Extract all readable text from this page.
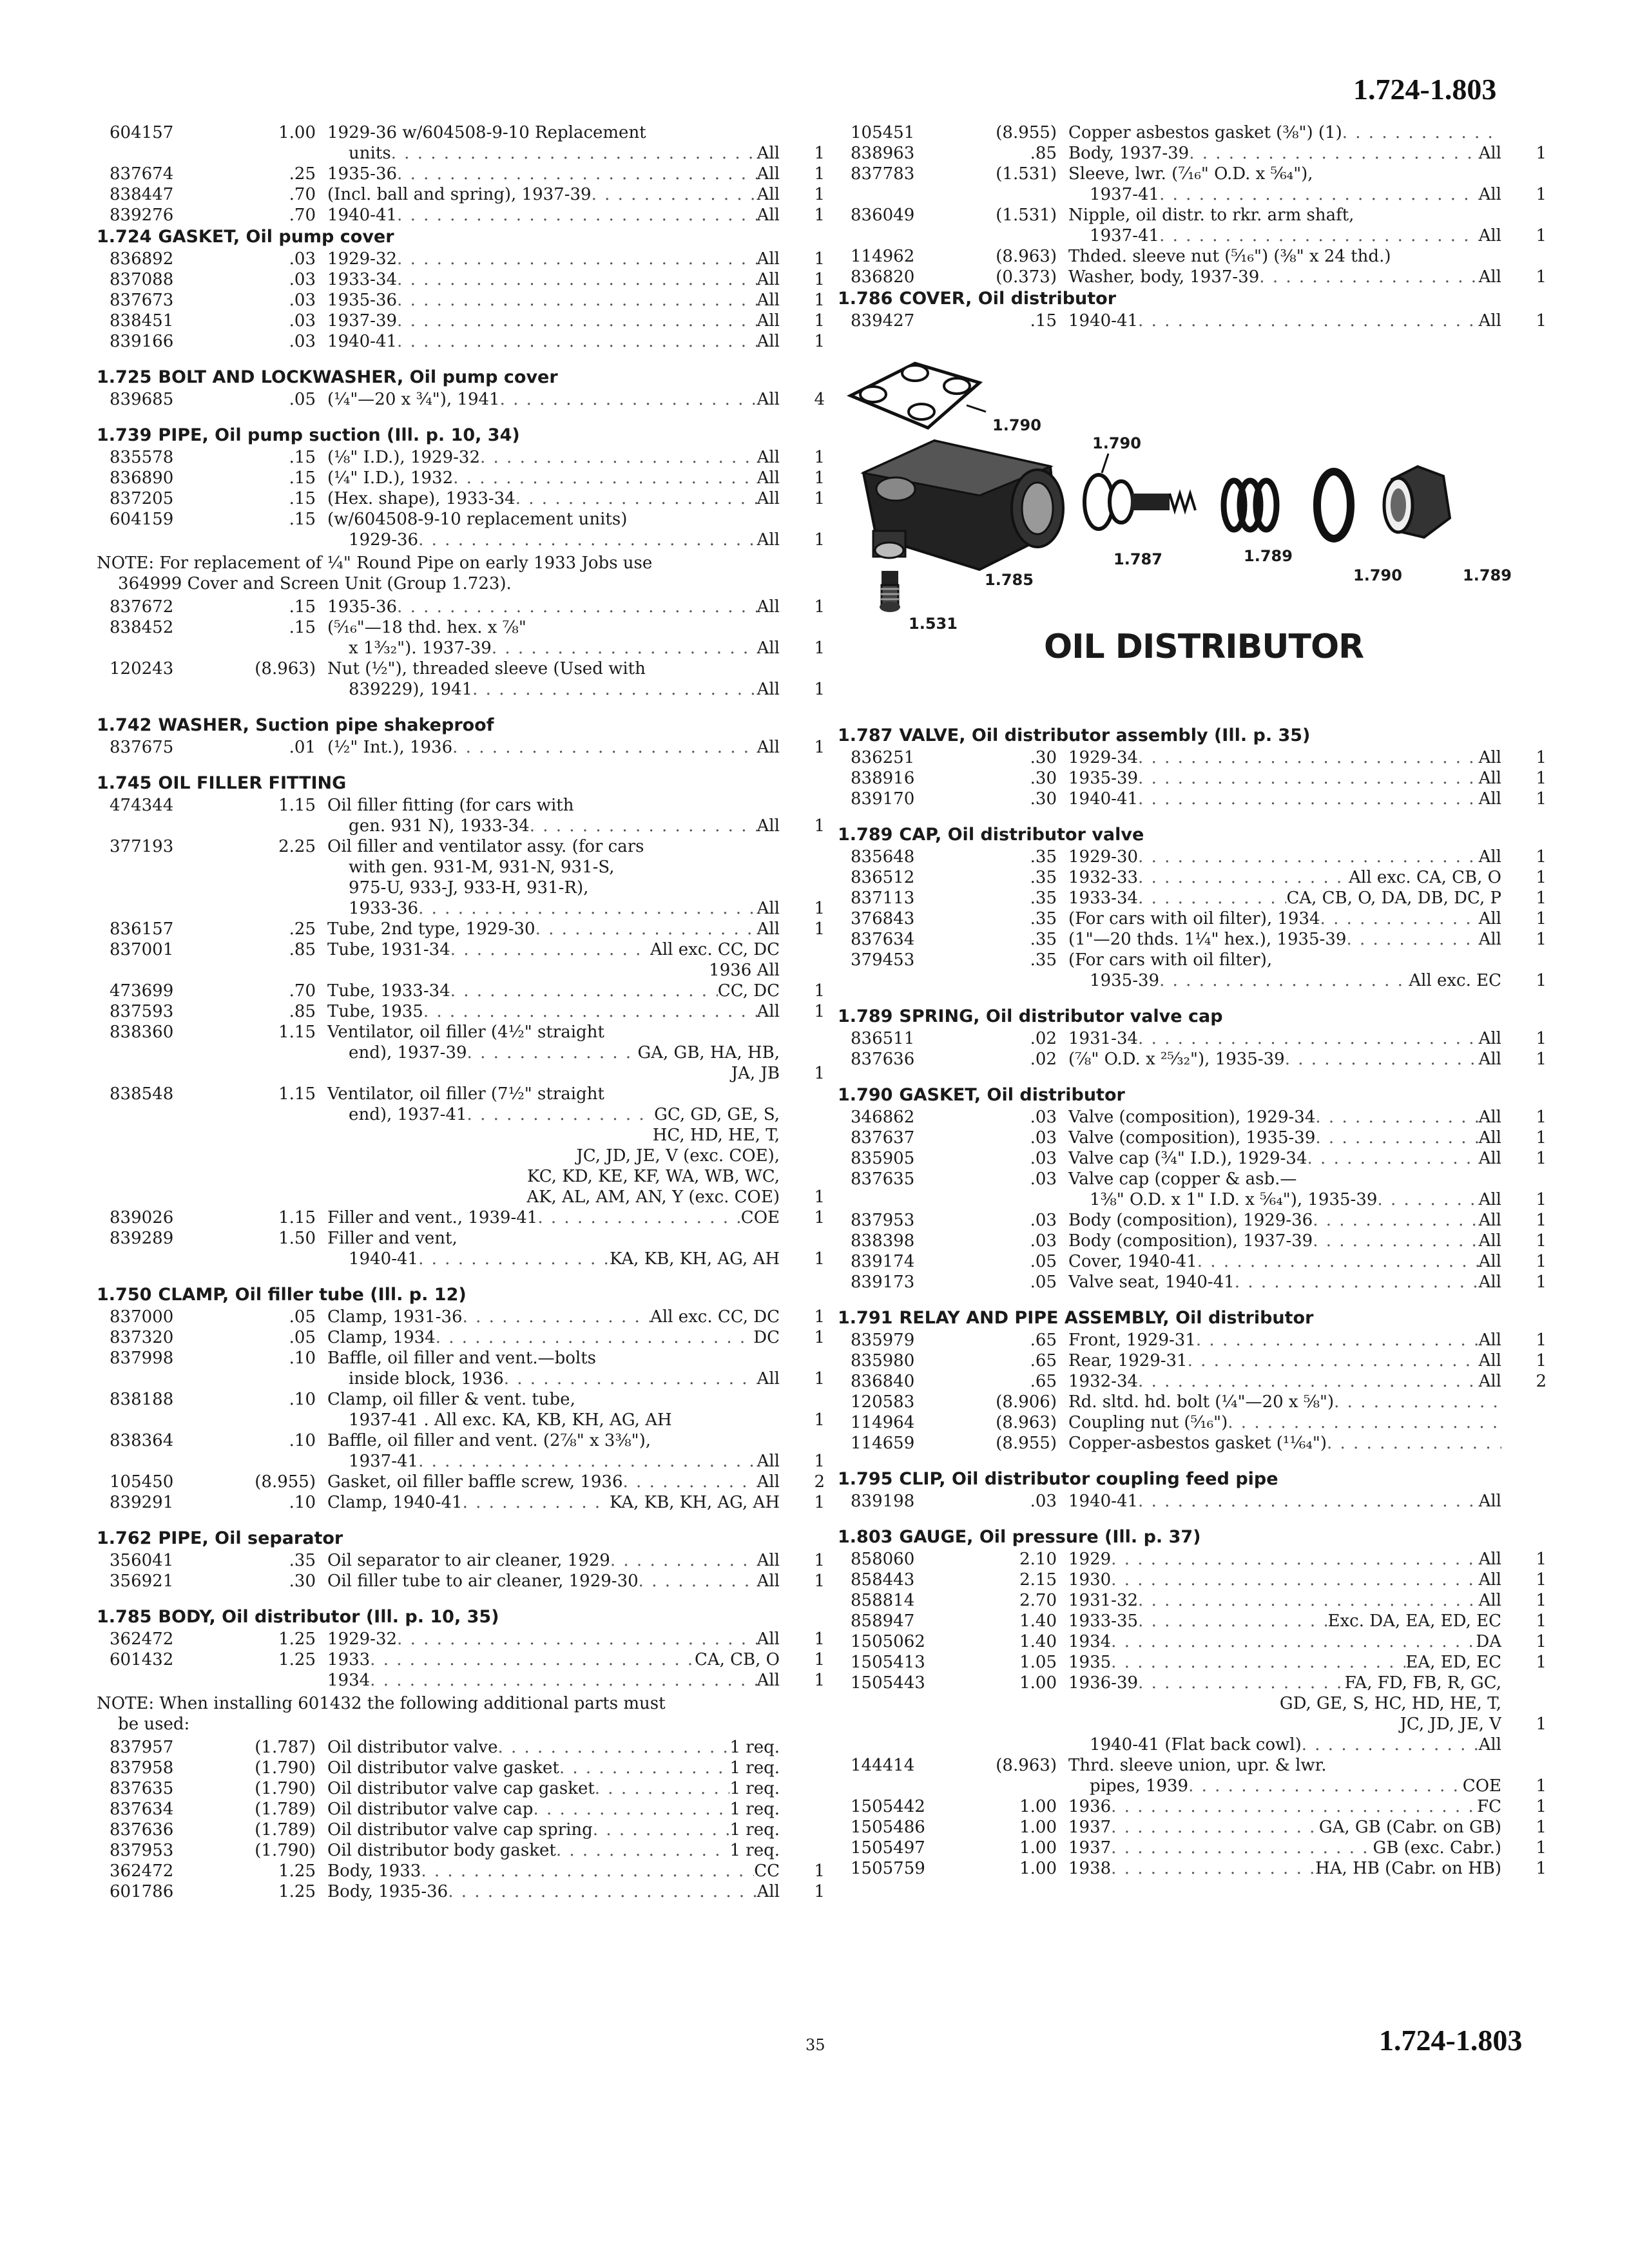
1.724-1.803
604157	1.00	1929-36 w/604508-9-10 Replacement	

		units . . . All	1
837674	.25	1935-36 . . . All	1
838447	.70	(Incl. ball and spring), 1937-39 . . . All	1
839276	.70	1940-41 . . . All	1
1.724 GASKET, Oil pump cover
836892	.03	1929-32 . . . All	1
837088	.03	1933-34 . . . All	1
837673	.03	1935-36 . . . All	1
838451	.03	1937-39 . . . All	1
839166	.03	1940-41 . . . All	1
1.725 BOLT AND LOCKWASHER, Oil pump cover
839685	.05	(¼"—20 x ¾"), 1941 . . .	All	4
1.739 PIPE, Oil pump suction (Ill. p. 10, 34)
835578	.15	(⅛" I.D.), 1929-32 . . . All	1
836890	.15	(¼" I.D.), 1932 . . . All	1
837205	.15	(Hex. shape), 1933-34 . . . All	1
604159	.15	(w/604508-9-10 replacement units)	

		1929-36 . . . All	1
NOTE: For replacement of ¼" Round Pipe on early 1933 Jobs use
364999 Cover and Screen Unit (Group 1.723).
837672	.15	1935-36 . . . All	1
838452	.15	(⁵⁄₁₆"—18 thd. hex. x ⅞"	

		x 1³⁄₃₂"). 1937-39 . . . All	1
120243	(8.963)	Nut (½"), threaded sleeve (Used with	

		839229), 1941 . . . All	1
1.742 WASHER, Suction pipe shakeproof
837675	.01	(½" Int.), 1936 . . .	All	1
1.745 OIL FILLER FITTING
474344	1.15	Oil filler fitting (for cars with	

		gen. 931 N), 1933-34 . . . All	1
377193	2.25	Oil filler and ventilator assy. (for cars	

		with gen. 931-M, 931-N, 931-S,	

		975-U, 933-J, 933-H, 931-R),	

		1933-36 . . . All	1
836157	.25	Tube, 2nd type, 1929-30 . . . All	1
837001	.85	Tube, 1931-34 . . . All exc. CC, DC

		1936 All	

473699	.70	Tube, 1933-34 . . . CC, DC	1
837593	.85	Tube, 1935 . . . All	1
838360	1.15	Ventilator, oil filler (4½" straight	

		end), 1937-39 . . . GA, GB, HA, HB,

		JA, JB	1
838548	1.15	Ventilator, oil filler (7½" straight	

		end), 1937-41 . . . GC, GD, GE, S,

		HC, HD, HE, T,	

		JC, JD, JE, V (exc. COE),	

		KC, KD, KE, KF, WA, WB, WC,	

		AK, AL, AM, AN, Y (exc. COE)	1
839026	1.15	Filler and vent., 1939-41 . . . COE	1
839289	1.50	Filler and vent,	

		1940-41 . . . KA, KB, KH, AG, AH	1
1.750 CLAMP, Oil filler tube (Ill. p. 12)
837000	.05	Clamp, 1931-36 . . . All exc. CC, DC	1
837320	.05	Clamp, 1934 . . . DC	1
837998	.10	Baffle, oil filler and vent.—bolts	

		inside block, 1936 . . . All	1
838188	.10	Clamp, oil filler & vent. tube,	

		1937-41 . All exc. KA, KB, KH, AG, AH	1
838364	.10	Baffle, oil filler and vent. (2⅞" x 3⅜"),	

		1937-41 . . . All	1
105450	(8.955)	Gasket, oil filler baffle screw, 1936 . . . All	2
839291	.10	Clamp, 1940-41 . . . KA, KB, KH, AG, AH	1
1.762 PIPE, Oil separator
356041	.35	Oil separator to air cleaner, 1929 . . . All	1
356921	.30	Oil filler tube to air cleaner, 1929-30 . . . All	1
1.785 BODY, Oil distributor (Ill. p. 10, 35)
362472	1.25	1929-32 . . . All	1
601432	1.25	1933 . . . CA, CB, O	1

		1934 . . . All	1
NOTE: When installing 601432 the following additional parts must
be used:
837957	(1.787)	Oil distributor valve . . . 1 req.

837958	(1.790)	Oil distributor valve gasket . . . 1 req.

837635	(1.790)	Oil distributor valve cap gasket . . . 1 req.

837634	(1.789)	Oil distributor valve cap . . . 1 req.

837636	(1.789)	Oil distributor valve cap spring . . . 1 req.

837953	(1.790)	Oil distributor body gasket . . . 1 req.

362472	1.25	Body, 1933 . . . CC	1
601786	1.25	Body, 1935-36 . . . All	1
105451	(8.955)	Copper asbestos gasket (⅜") (1)
. . .

838963	.85	Body, 1937-39 . . . All	1
837783	(1.531)	Sleeve, lwr. (⁷⁄₁₆" O.D. x ⁵⁄₆₄"),	

		1937-41 . . . All	1
836049	(1.531)	Nipple, oil distr. to rkr. arm shaft,	

		1937-41 . . . All	1
114962	(8.963)	Thded. sleeve nut (⁵⁄₁₆") (⅜" x 24 thd.)	

836820	(0.373)	Washer, body, 1937-39 . . . All	1
1.786 COVER, Oil distributor
839427	.15	1940-41 . . .	All	1
1.790
1.790
1.785
1.787	1.789
1.790	1.789
1.531
OIL DISTRIBUTOR
1.787 VALVE, Oil distributor assembly (Ill. p. 35)
836251	.30	1929-34 . . . All	1
838916	.30	1935-39 . . . All	1
839170	.30	1940-41 . . . All	1
1.789 CAP, Oil distributor valve
835648	.35	1929-30 . . . All	1
836512	.35	1932-33 . . . All exc. CA, CB, O	1
837113	.35	1933-34 . . . CA, CB, O, DA, DB, DC, P	1
376843	.35	(For cars with oil filter), 1934 . . . All	1
837634	.35	(1"—20 thds. 1¼" hex.), 1935-39 . . . All	1
379453	.35	(For cars with oil filter),	

		1935-39 . . . All exc. EC	1
1.789 SPRING, Oil distributor valve cap
836511	.02	1931-34 . . . All	1
837636	.02	(⅞" O.D. x ²⁵⁄₃₂"), 1935-39 . . . All	1
1.790 GASKET, Oil distributor
346862	.03	Valve (composition), 1929-34 . . . All	1
837637	.03	Valve (composition), 1935-39 . . . All	1
835905	.03	Valve cap (¾" I.D.), 1929-34 . . . All	1
837635	.03	Valve cap (copper & asb.—	

		1⅜" O.D. x 1" I.D. x ⁵⁄₆₄"), 1935-39 . . . All	1
837953	.03	Body (composition), 1929-36 . . . All	1
838398	.03	Body (composition), 1937-39 . . . All	1
839174	.05	Cover, 1940-41 . . . All	1
839173	.05	Valve seat, 1940-41 . . . All	1
1.791 RELAY AND PIPE ASSEMBLY, Oil distributor
835979	.65	Front, 1929-31 . . . All	1
835980	.65	Rear, 1929-31 . . . All	1
836840	.65	1932-34 . . . All	2
120583	(8.906)	Rd. sltd. hd. bolt (¼"—20 x ⅝")
. . .

114964	(8.963)	Coupling nut (⁵⁄₁₆")
. . .

114659	(8.955)	Copper-asbestos gasket (¹¹⁄₆₄")
. . .

1.795 CLIP, Oil distributor coupling feed pipe
839198	.03	1940-41 . . .	All

1.803 GAUGE, Oil pressure (Ill. p. 37)
858060	2.10	1929 . . . All	1
858443	2.15	1930 . . . All	1
858814	2.70	1931-32 . . . All	1
858947	1.40	1933-35 . . . Exc. DA, EA, ED, EC	1
1505062	1.40	1934 . . . DA	1
1505413	1.05	1935 . . . EA, ED, EC	1
1505443	1.00	1936-39 . . . FA, FD, FB, R, GC,

		GD, GE, S, HC, HD, HE, T,	

		JC, JD, JE, V	1

		1940-41 (Flat back cowl) . . . All

144414	(8.963)	Thrd. sleeve union, upr. & lwr.	

		pipes, 1939 . . . COE	1
1505442	1.00	1936 . . . FC	1
1505486	1.00	1937 . . . GA, GB (Cabr. on GB)	1
1505497	1.00	1937 . . . GB (exc. Cabr.)	1
1505759	1.00	1938 . . . HA, HB (Cabr. on HB)	1
35	1.724-1.803
